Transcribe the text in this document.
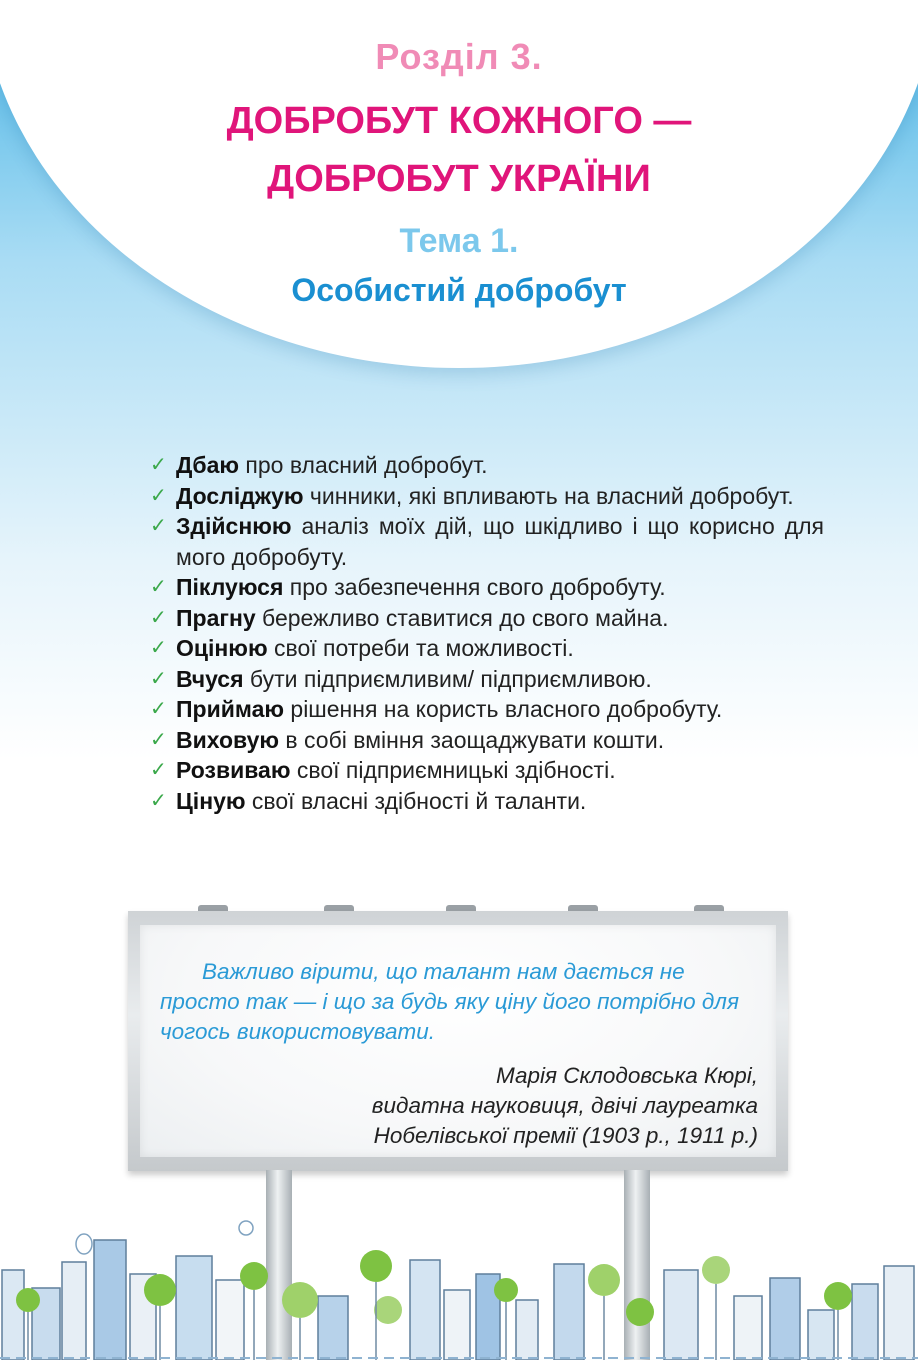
Розділ 3.
ДОБРОБУТ КОЖНОГО —
ДОБРОБУТ УКРАЇНИ
Тема 1.
Особистий добробут
✓ Дбаю про власний добробут.
✓ Досліджую чинники, які впливають на власний добробут.
✓ Здійснюю аналіз моїх дій, що шкідливо і що корисно для мого добробуту.
✓ Піклуюся про забезпечення свого добробуту.
✓ Прагну бережливо ставитися до свого майна.
✓ Оцінюю свої потреби та можливості.
✓ Вчуся бути підприємливим/ підприємливою.
✓ Приймаю рішення на користь власного добробуту.
✓ Виховую в собі вміння заощаджувати кошти.
✓ Розвиваю свої підприємницькі здібності.
✓ Ціную свої власні здібності й таланти.

Важливо вірити, що талант нам дається не просто так — і що за будь яку ціну його потрібно для чогось використовувати.

Марія Склодовська Кюрі,
видатна науковиця, двічі лауреатка
Нобелівської премії (1903 р., 1911 р.)
